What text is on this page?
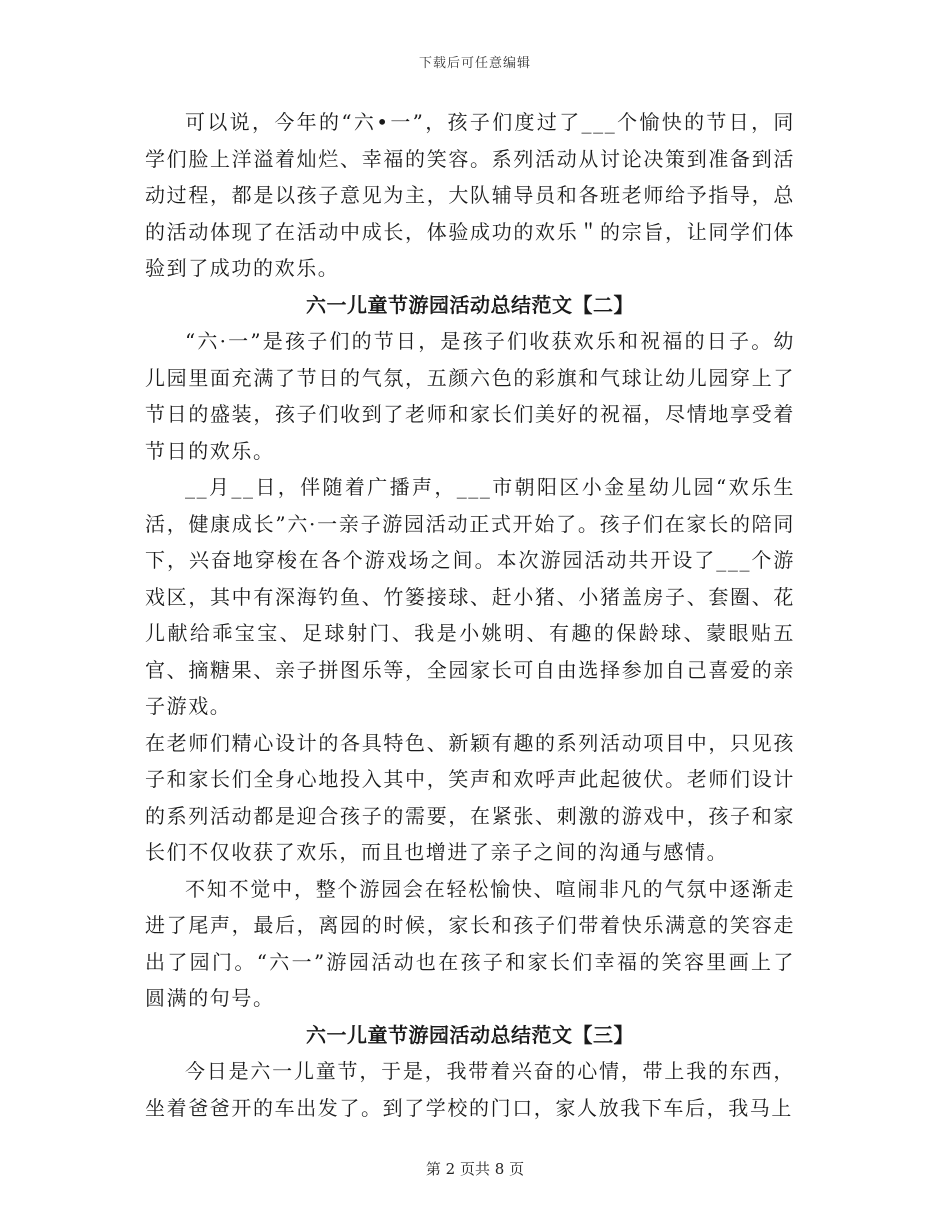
下载后可任意编辑

可以说，今年的“六•一”，孩子们度过了___个愉快的节日，同学们脸上洋溢着灿烂、幸福的笑容。系列活动从讨论决策到准备到活动过程，都是以孩子意见为主，大队辅导员和各班老师给予指导，总的活动体现了在活动中成长，体验成功的欢乐＂的宗旨，让同学们体验到了成功的欢乐。

六一儿童节游园活动总结范文【二】

“六·一”是孩子们的节日，是孩子们收获欢乐和祝福的日子。幼儿园里面充满了节日的气氛，五颜六色的彩旗和气球让幼儿园穿上了节日的盛装，孩子们收到了老师和家长们美好的祝福，尽情地享受着节日的欢乐。

__月__日，伴随着广播声，___市朝阳区小金星幼儿园“欢乐生活，健康成长”六·一亲子游园活动正式开始了。孩子们在家长的陪同下，兴奋地穿梭在各个游戏场之间。本次游园活动共开设了___个游戏区，其中有深海钓鱼、竹篓接球、赶小猪、小猪盖房子、套圈、花儿献给乖宝宝、足球射门、我是小姚明、有趣的保龄球、蒙眼贴五官、摘糖果、亲子拼图乐等，全园家长可自由选择参加自己喜爱的亲子游戏。

在老师们精心设计的各具特色、新颖有趣的系列活动项目中，只见孩子和家长们全身心地投入其中，笑声和欢呼声此起彼伏。老师们设计的系列活动都是迎合孩子的需要，在紧张、刺激的游戏中，孩子和家长们不仅收获了欢乐，而且也增进了亲子之间的沟通与感情。

不知不觉中，整个游园会在轻松愉快、喧闹非凡的气氛中逐渐走进了尾声，最后，离园的时候，家长和孩子们带着快乐满意的笑容走出了园门。“六一”游园活动也在孩子和家长们幸福的笑容里画上了圆满的句号。

六一儿童节游园活动总结范文【三】

今日是六一儿童节，于是，我带着兴奋的心情，带上我的东西，坐着爸爸开的车出发了。到了学校的门口，家人放我下车后，我马上

第 2 页共 8 页
